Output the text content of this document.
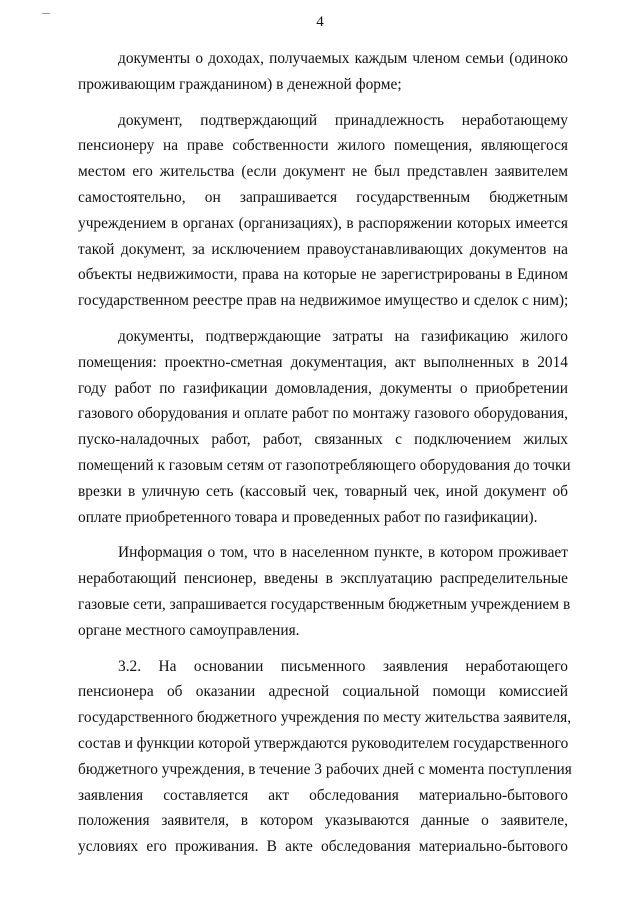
4

документы о доходах, получаемых каждым членом семьи (одиноко
проживающим гражданином) в денежной форме;

документ, подтверждающий принадлежность неработающему
пенсионеру на праве собственности жилого помещения, являющегося
местом его жительства (если документ не был представлен заявителем
самостоятельно, он запрашивается государственным бюджетным
учреждением в органах (организациях), в распоряжении которых имеется
такой документ, за исключением правоустанавливающих документов на
объекты недвижимости, права на которые не зарегистрированы в Едином
государственном реестре прав на недвижимое имущество и сделок с ним);

документы, подтверждающие затраты на газификацию жилого
помещения: проектно-сметная документация, акт выполненных в 2014
году работ по газификации домовладения, документы о приобретении
газового оборудования и оплате работ по монтажу газового оборудования,
пуско-наладочных работ, работ, связанных с подключением жилых
помещений к газовым сетям от газопотребляющего оборудования до точки
врезки в уличную сеть (кассовый чек, товарный чек, иной документ об
оплате приобретенного товара и проведенных работ по газификации).

Информация о том, что в населенном пункте, в котором проживает
неработающий пенсионер, введены в эксплуатацию распределительные
газовые сети, запрашивается государственным бюджетным учреждением в
органе местного самоуправления.

3.2. На основании письменного заявления неработающего
пенсионера об оказании адресной социальной помощи комиссией
государственного бюджетного учреждения по месту жительства заявителя,
состав и функции которой утверждаются руководителем государственного
бюджетного учреждения, в течение 3 рабочих дней с момента поступления
заявления составляется акт обследования материально-бытового
положения заявителя, в котором указываются данные о заявителе,
условиях его проживания. В акте обследования материально-бытового
